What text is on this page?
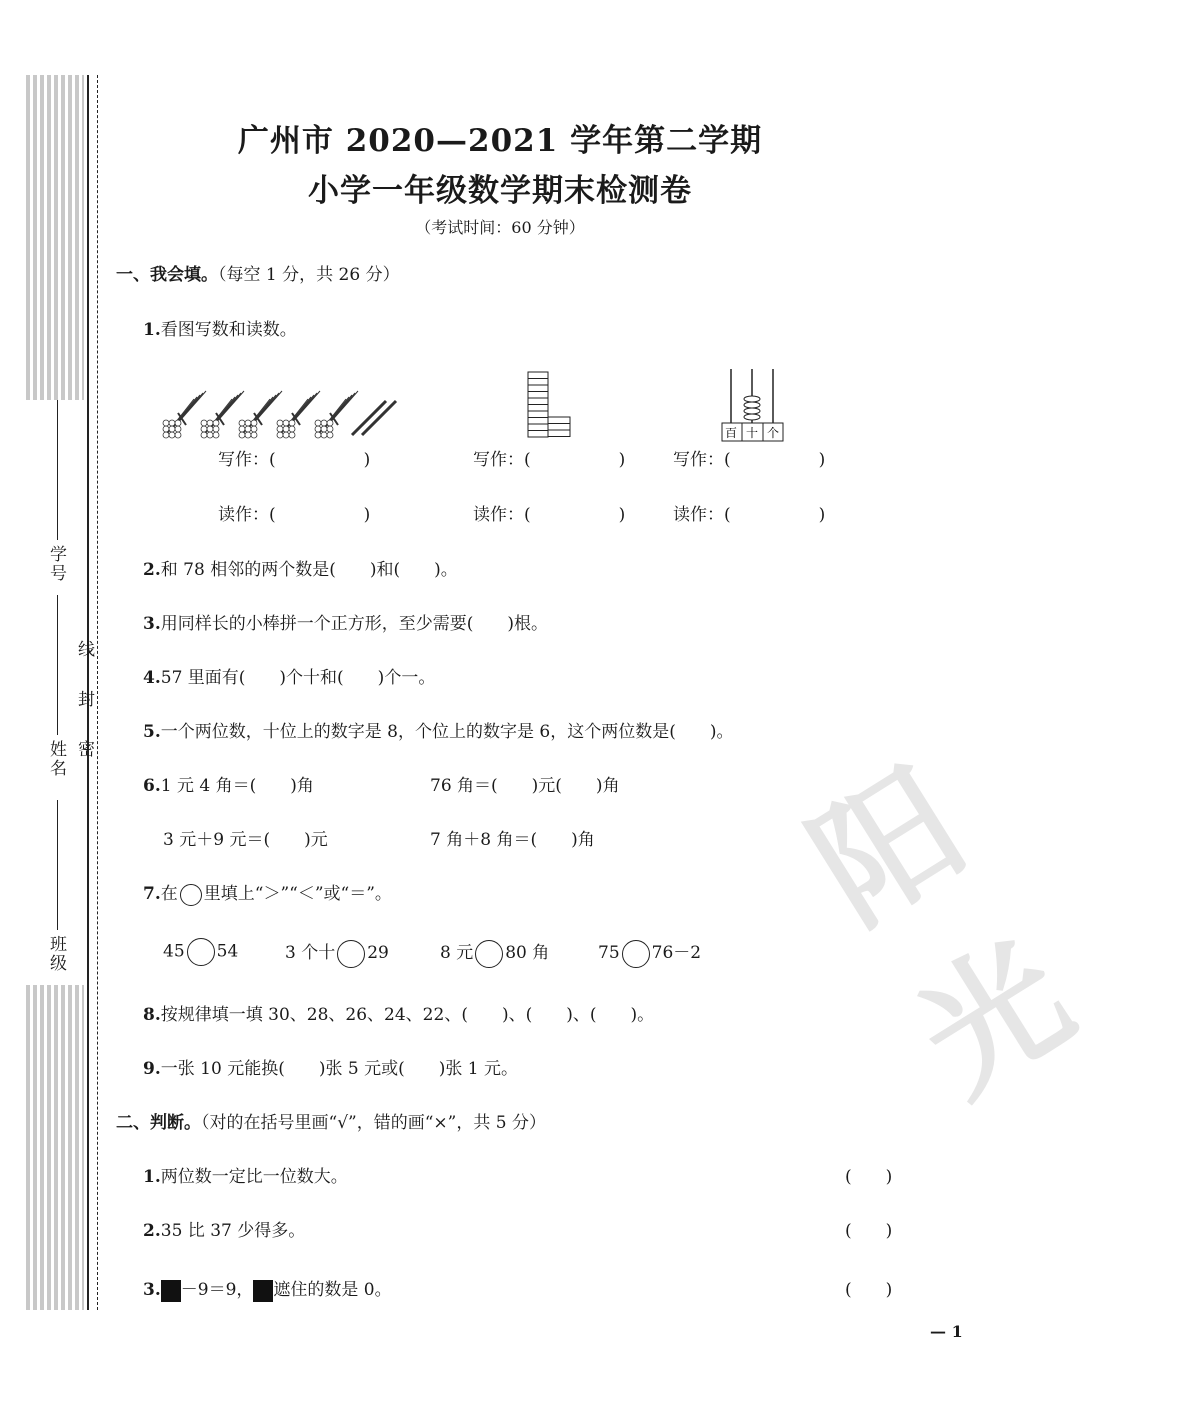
阳光
学号
姓名
班级
密
封
线
广州市 2020—2021 学年第二学期
小学一年级数学期末检测卷
（考试时间：60 分钟）
一、我会填。（每空 1 分，共 26 分）
1.看图写数和读数。
百 十 个
写作：(	)	写作：(	)	写作：(	)
读作：(	)	读作：(	)	读作：(	)
2.和 78 相邻的两个数是(　　)和(　　)。
3.用同样长的小棒拼一个正方形，至少需要(　　)根。
4.57 里面有(　　)个十和(　　)个一。
5.一个两位数，十位上的数字是 8，个位上的数字是 6，这个两位数是(　　)。
6.1 元 4 角＝(　　)角	76 角＝(　　)元(　　)角
3 元＋9 元＝(　　)元	7 角＋8 角＝(　　)角
7.在 里填上“＞”“＜”或“＝”。
45 54	3 个十 29	8 元 80 角	75 76－2
8.按规律填一填 30、28、26、24、22、(　　)、(　　)、(　　)。
9.一张 10 元能换(　　)张 5 元或(　　)张 1 元。
二、判断。（对的在括号里画“√”，错的画“×”，共 5 分）
1.两位数一定比一位数大。	(　　)
2.35 比 37 少得多。	(　　)
3. －9＝9， 遮住的数是 0。	(　　)
— 1
